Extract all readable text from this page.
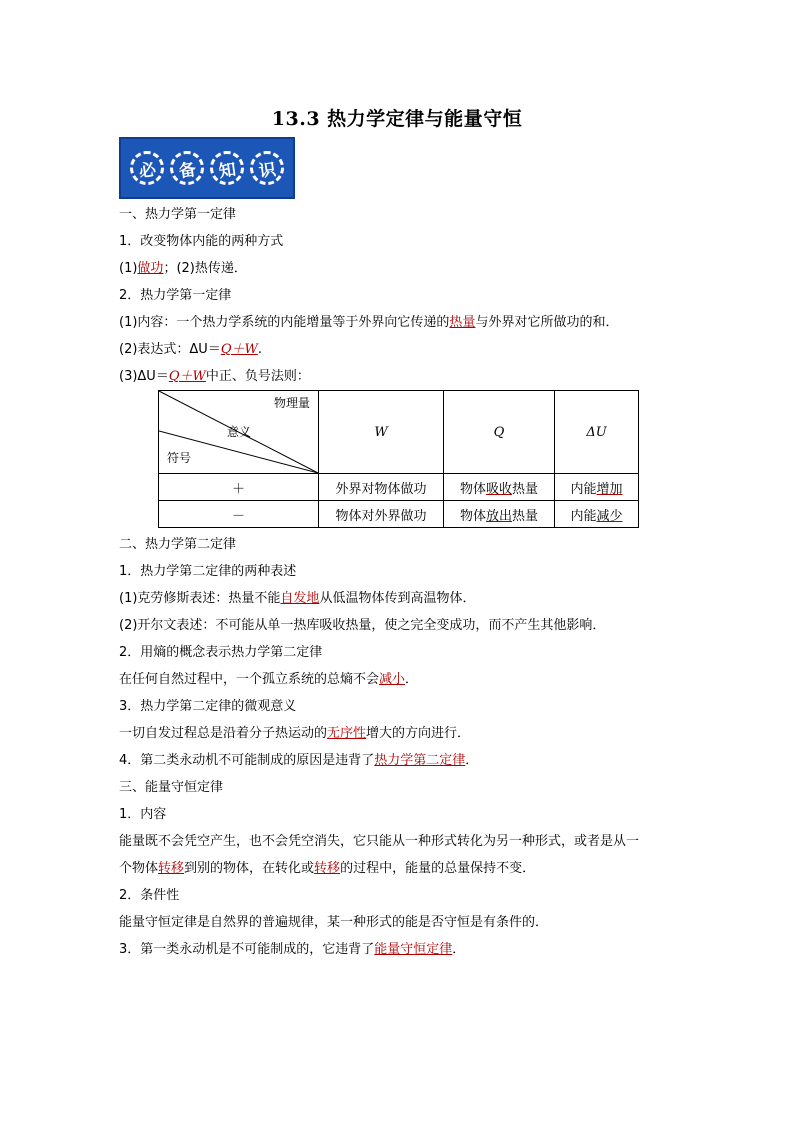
13.3 热力学定律与能量守恒
必	备	知	识
一、热力学第一定律
1．改变物体内能的两种方式
(1)做功；(2)热传递．
2．热力学第一定律
(1)内容：一个热力学系统的内能增量等于外界向它传递的热量与外界对它所做功的和．
(2)表达式：ΔU＝Q＋W.
(3)ΔU＝Q＋W中正、负号法则：
物理量
意义
符号	W	Q	ΔU
＋	外界对物体做功	物体吸收热量	内能增加
－	物体对外界做功	物体放出热量	内能减少
二、热力学第二定律
1．热力学第二定律的两种表述
(1)克劳修斯表述：热量不能自发地从低温物体传到高温物体．
(2)开尔文表述：不可能从单一热库吸收热量，使之完全变成功，而不产生其他影响．
2．用熵的概念表示热力学第二定律
在任何自然过程中，一个孤立系统的总熵不会减小．
3．热力学第二定律的微观意义
一切自发过程总是沿着分子热运动的无序性增大的方向进行．
4．第二类永动机不可能制成的原因是违背了热力学第二定律．
三、能量守恒定律
1．内容
能量既不会凭空产生，也不会凭空消失，它只能从一种形式转化为另一种形式，或者是从一
个物体转移到别的物体，在转化或转移的过程中，能量的总量保持不变．
2．条件性
能量守恒定律是自然界的普遍规律，某一种形式的能是否守恒是有条件的．
3．第一类永动机是不可能制成的，它违背了能量守恒定律．
